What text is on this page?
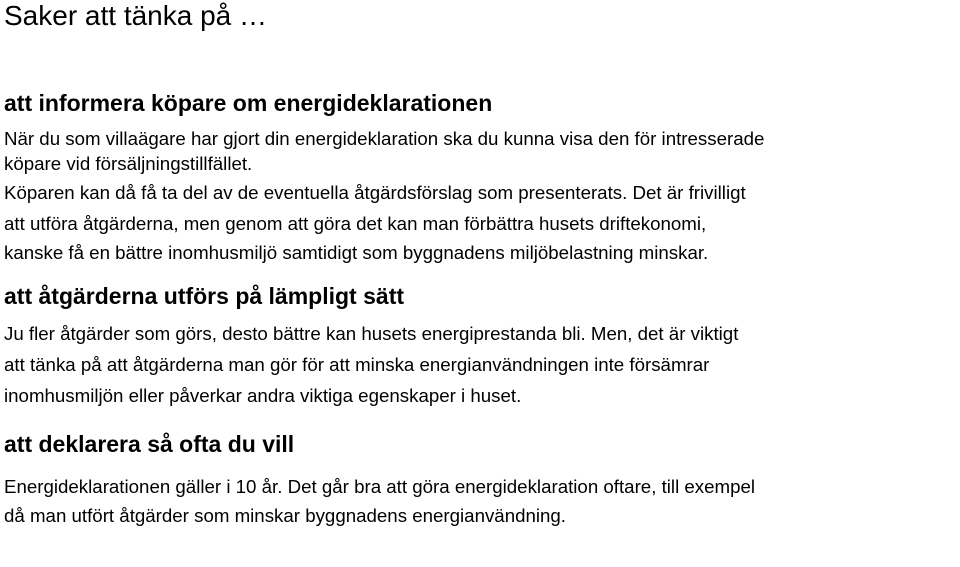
Saker att tänka på …
att informera köpare om energideklarationen

När du som villaägare har gjort din energideklaration ska du kunna visa den för intresserade
köpare vid försäljningstillfället.
Köparen kan då få ta del av de eventuella åtgärdsförslag som presenterats. Det är frivilligt
att utföra åtgärderna, men genom att göra det kan man förbättra husets driftekonomi,
kanske få en bättre inomhusmiljö samtidigt som byggnadens miljöbelastning minskar.

att åtgärderna utförs på lämpligt sätt

Ju fler åtgärder som görs, desto bättre kan husets energiprestanda bli. Men, det är viktigt
att tänka på att åtgärderna man gör för att minska energianvändningen inte försämrar
inomhusmiljön eller påverkar andra viktiga egenskaper i huset.

att deklarera så ofta du vill

Energideklarationen gäller i 10 år. Det går bra att göra energideklaration oftare, till exempel
då man utfört åtgärder som minskar byggnadens energianvändning.
